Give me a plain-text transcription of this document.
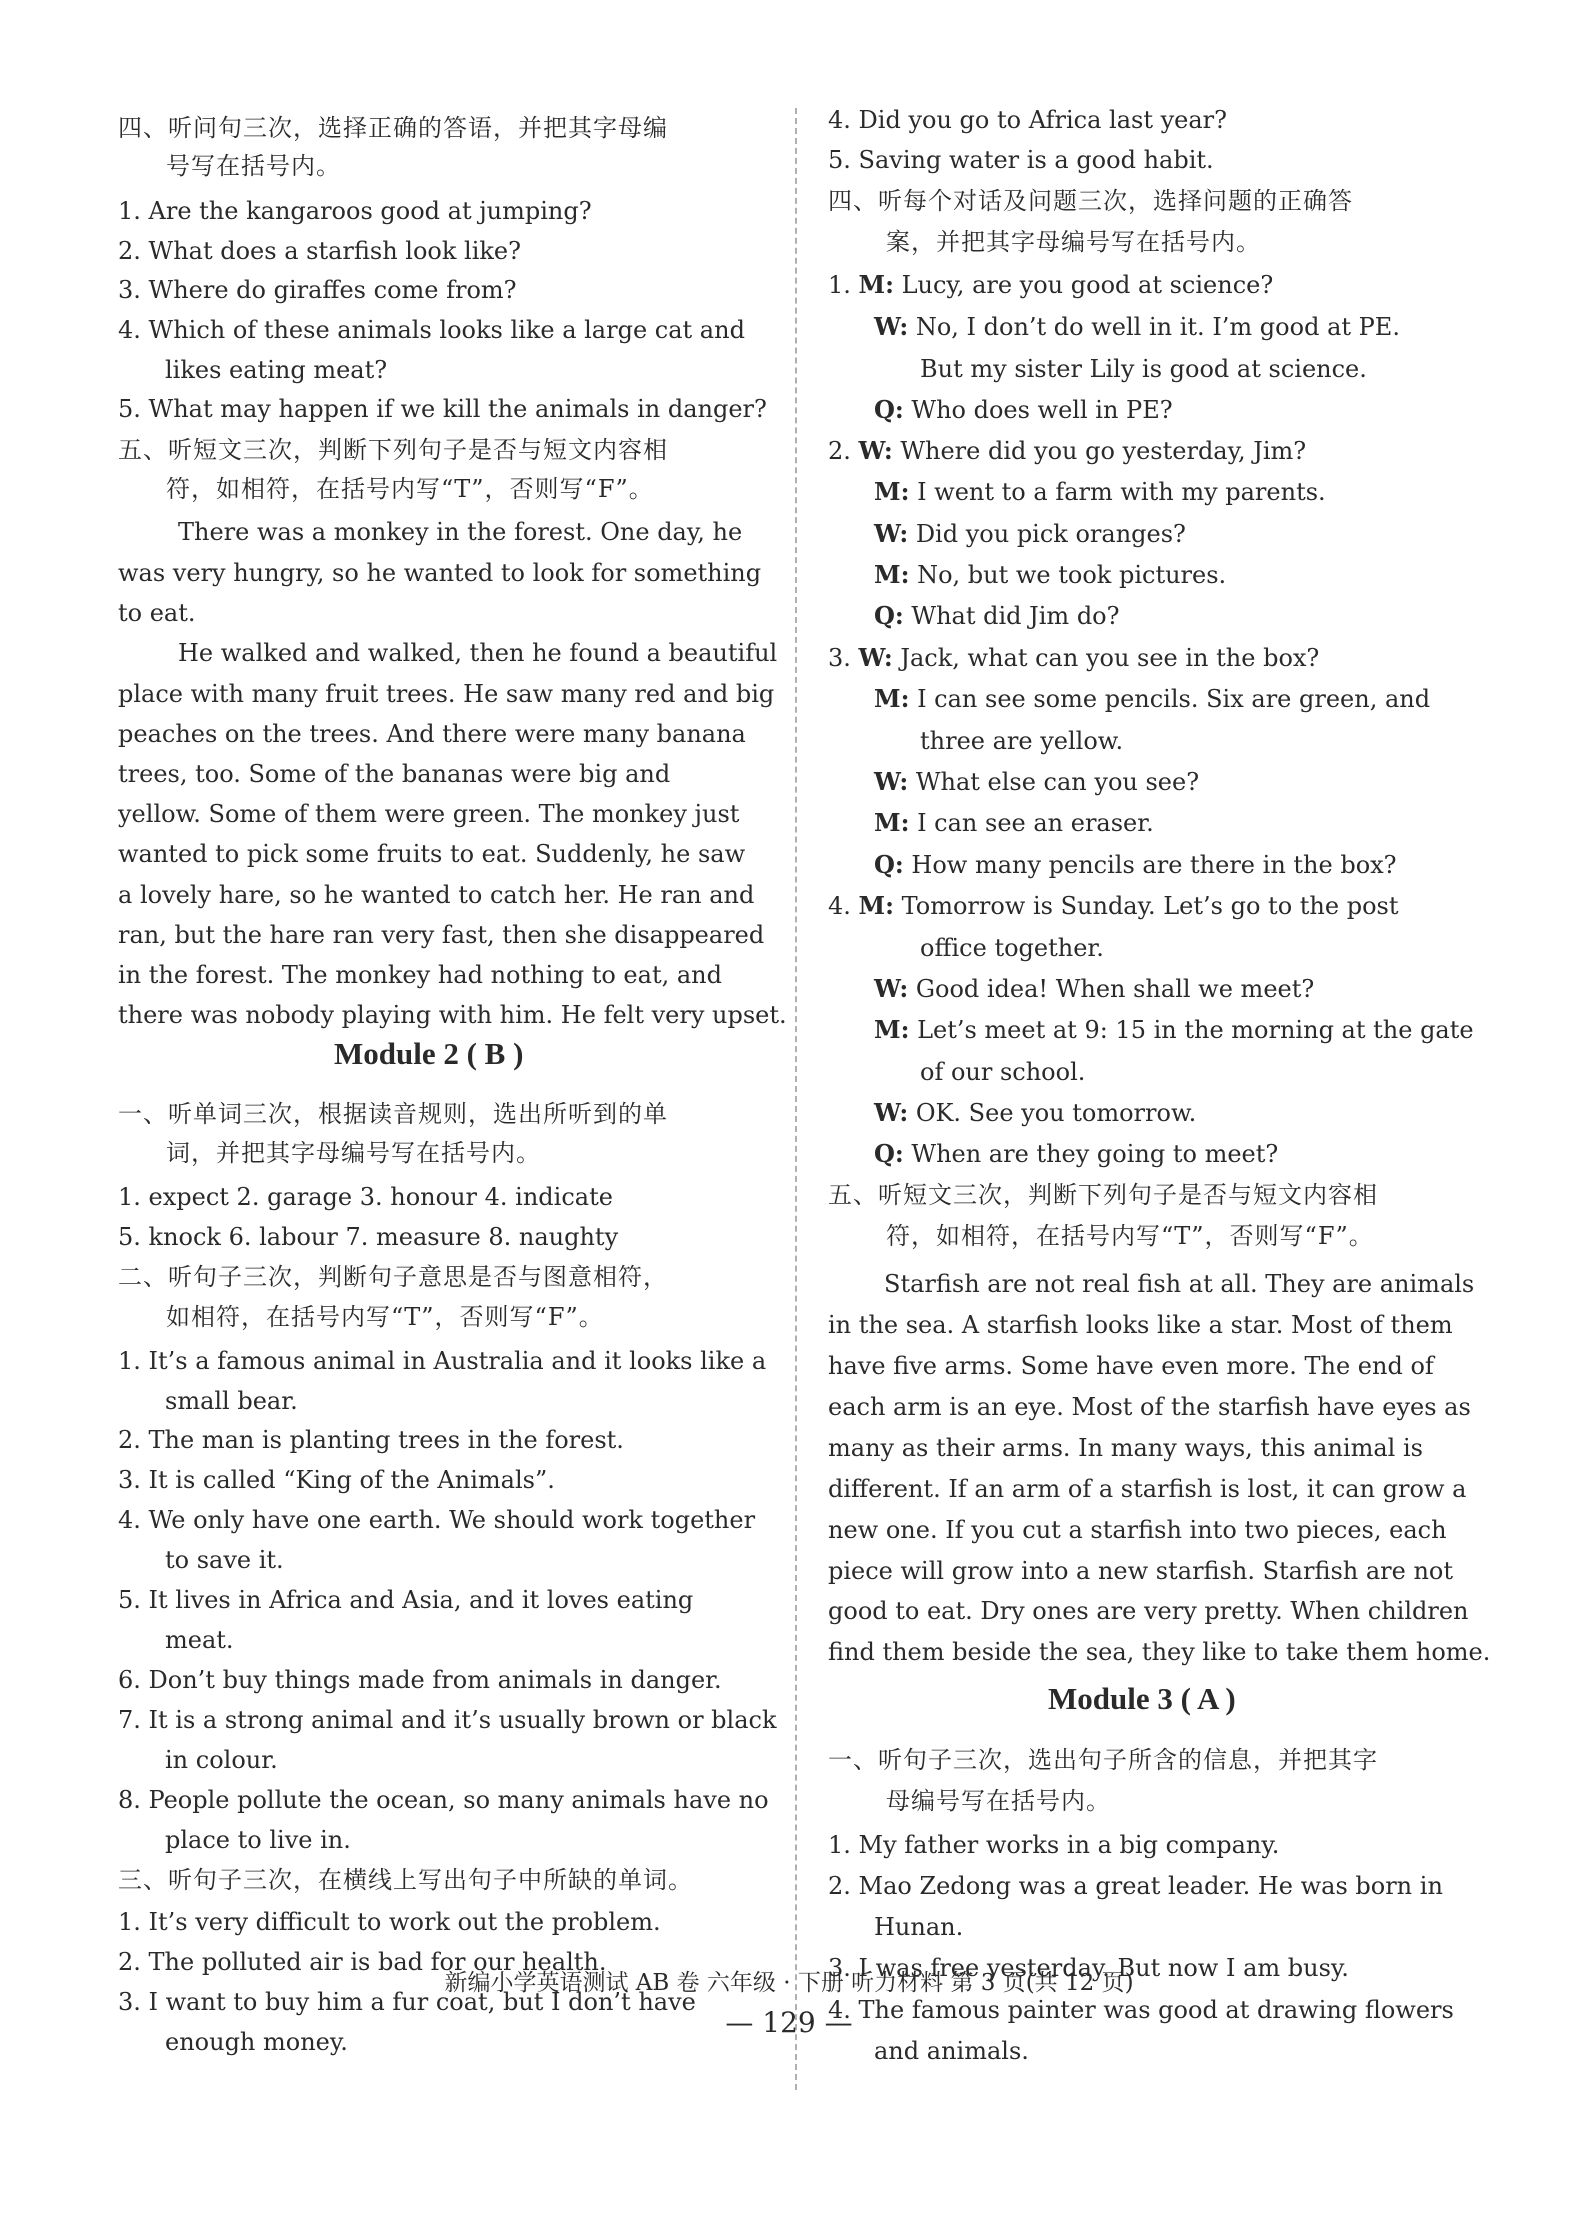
四、听问句三次，选择正确的答语，并把其字母编
号写在括号内。
1. Are the kangaroos good at jumping?
2. What does a starfish look like?
3. Where do giraffes come from?
4. Which of these animals looks like a large cat and
likes eating meat?
5. What may happen if we kill the animals in danger?
五、听短文三次，判断下列句子是否与短文内容相
符，如相符，在括号内写“T”，否则写“F”。
There was a monkey in the forest. One day, he
was very hungry, so he wanted to look for something
to eat.
He walked and walked, then he found a beautiful
place with many fruit trees. He saw many red and big
peaches on the trees. And there were many banana
trees, too. Some of the bananas were big and
yellow. Some of them were green. The monkey just
wanted to pick some fruits to eat. Suddenly, he saw
a lovely hare, so he wanted to catch her. He ran and
ran, but the hare ran very fast, then she disappeared
in the forest. The monkey had nothing to eat, and
there was nobody playing with him. He felt very upset.
Module 2 ( B )
一、听单词三次，根据读音规则，选出所听到的单
词，并把其字母编号写在括号内。
1. expect 2. garage 3. honour 4. indicate
5. knock 6. labour 7. measure 8. naughty
二、听句子三次，判断句子意思是否与图意相符，
如相符，在括号内写“T”，否则写“F”。
1. It’s a famous animal in Australia and it looks like a
small bear.
2. The man is planting trees in the forest.
3. It is called “King of the Animals”.
4. We only have one earth. We should work together
to save it.
5. It lives in Africa and Asia, and it loves eating
meat.
6. Don’t buy things made from animals in danger.
7. It is a strong animal and it’s usually brown or black
in colour.
8. People pollute the ocean, so many animals have no
place to live in.
三、听句子三次，在横线上写出句子中所缺的单词。
1. It’s very difficult to work out the problem.
2. The polluted air is bad for our health.
3. I want to buy him a fur coat, but I don’t have
enough money.
4. Did you go to Africa last year?
5. Saving water is a good habit.
四、听每个对话及问题三次，选择问题的正确答
案，并把其字母编号写在括号内。
1. M: Lucy, are you good at science?
W: No, I don’t do well in it. I’m good at PE.
But my sister Lily is good at science.
Q: Who does well in PE?
2. W: Where did you go yesterday, Jim?
M: I went to a farm with my parents.
W: Did you pick oranges?
M: No, but we took pictures.
Q: What did Jim do?
3. W: Jack, what can you see in the box?
M: I can see some pencils. Six are green, and
three are yellow.
W: What else can you see?
M: I can see an eraser.
Q: How many pencils are there in the box?
4. M: Tomorrow is Sunday. Let’s go to the post
office together.
W: Good idea! When shall we meet?
M: Let’s meet at 9: 15 in the morning at the gate
of our school.
W: OK. See you tomorrow.
Q: When are they going to meet?
五、听短文三次，判断下列句子是否与短文内容相
符，如相符，在括号内写“T”，否则写“F”。
Starfish are not real fish at all. They are animals
in the sea. A starfish looks like a star. Most of them
have five arms. Some have even more. The end of
each arm is an eye. Most of the starfish have eyes as
many as their arms. In many ways, this animal is
different. If an arm of a starfish is lost, it can grow a
new one. If you cut a starfish into two pieces, each
piece will grow into a new starfish. Starfish are not
good to eat. Dry ones are very pretty. When children
find them beside the sea, they like to take them home.
Module 3 ( A )
一、听句子三次，选出句子所含的信息，并把其字
母编号写在括号内。
1. My father works in a big company.
2. Mao Zedong was a great leader. He was born in
Hunan.
3. I was free yesterday. But now I am busy.
4. The famous painter was good at drawing flowers
and animals.
新编小学英语测试 AB 卷 六年级 · 下册 听力材料 第 3 页(共 12 页)
— 129 —
